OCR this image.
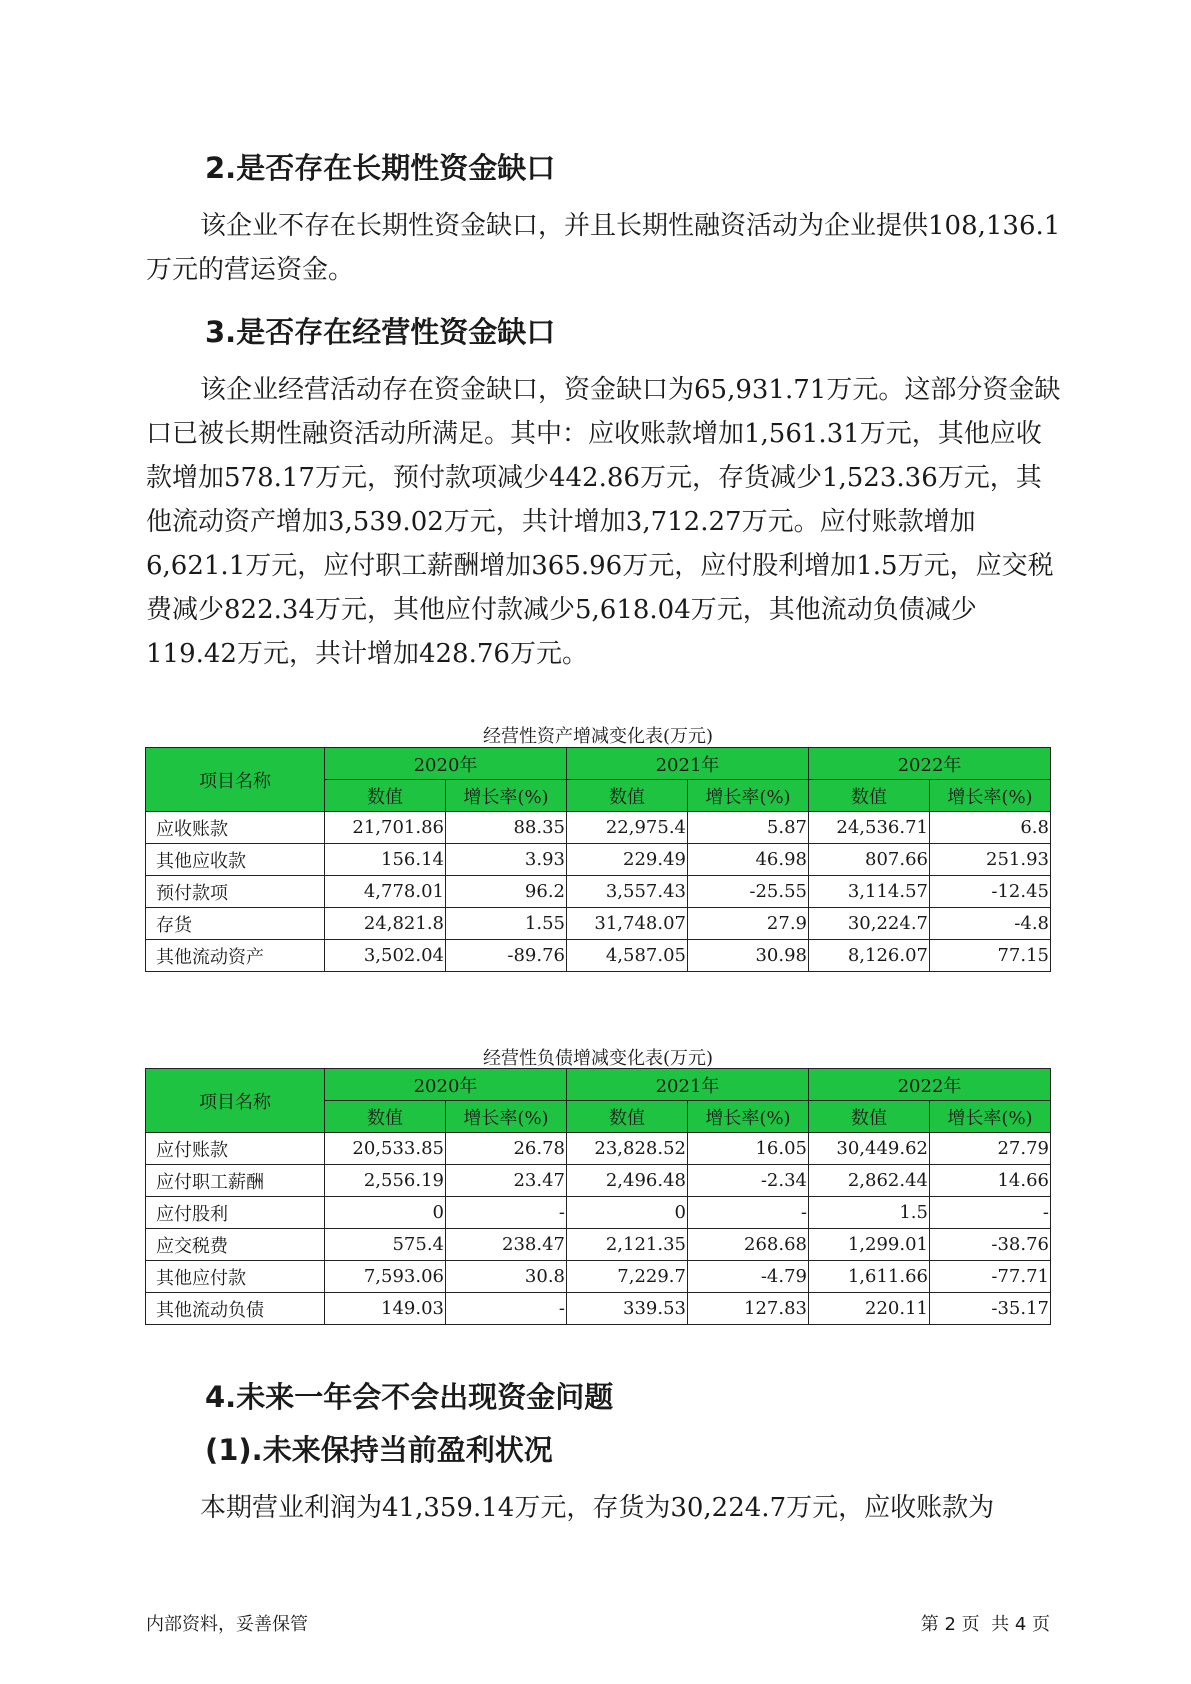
2.是否存在长期性资金缺口

该企业不存在长期性资金缺口，并且长期性融资活动为企业提供108,136.1万元的营运资金。

3.是否存在经营性资金缺口

该企业经营活动存在资金缺口，资金缺口为65,931.71万元。这部分资金缺口已被长期性融资活动所满足。其中：应收账款增加1,561.31万元，其他应收款增加578.17万元，预付款项减少442.86万元，存货减少1,523.36万元，其他流动资产增加3,539.02万元，共计增加3,712.27万元。应付账款增加6,621.1万元，应付职工薪酬增加365.96万元，应付股利增加1.5万元，应交税费减少822.34万元，其他应付款减少5,618.04万元，其他流动负债减少119.42万元，共计增加428.76万元。

经营性资产增减变化表(万元)

项目名称	2020年		2021年		2022年	
	数值	增长率(%)	数值	增长率(%)	数值	增长率(%)
应收账款	21,701.86	88.35	22,975.4	5.87	24,536.71	6.8
其他应收款	156.14	3.93	229.49	46.98	807.66	251.93
预付款项	4,778.01	96.2	3,557.43	-25.55	3,114.57	-12.45
存货	24,821.8	1.55	31,748.07	27.9	30,224.7	-4.8
其他流动资产	3,502.04	-89.76	4,587.05	30.98	8,126.07	77.15

经营性负债增减变化表(万元)

项目名称	2020年		2021年		2022年	
	数值	增长率(%)	数值	增长率(%)	数值	增长率(%)
应付账款	20,533.85	26.78	23,828.52	16.05	30,449.62	27.79
应付职工薪酬	2,556.19	23.47	2,496.48	-2.34	2,862.44	14.66
应付股利	0	-	0	-	1.5	-
应交税费	575.4	238.47	2,121.35	268.68	1,299.01	-38.76
其他应付款	7,593.06	30.8	7,229.7	-4.79	1,611.66	-77.71
其他流动负债	149.03	-	339.53	127.83	220.11	-35.17
4.未来一年会不会出现资金问题
(1).未来保持当前盈利状况

本期营业利润为41,359.14万元，存货为30,224.7万元，应收账款为

内部资料，妥善保管	第 2 页  共 4 页
